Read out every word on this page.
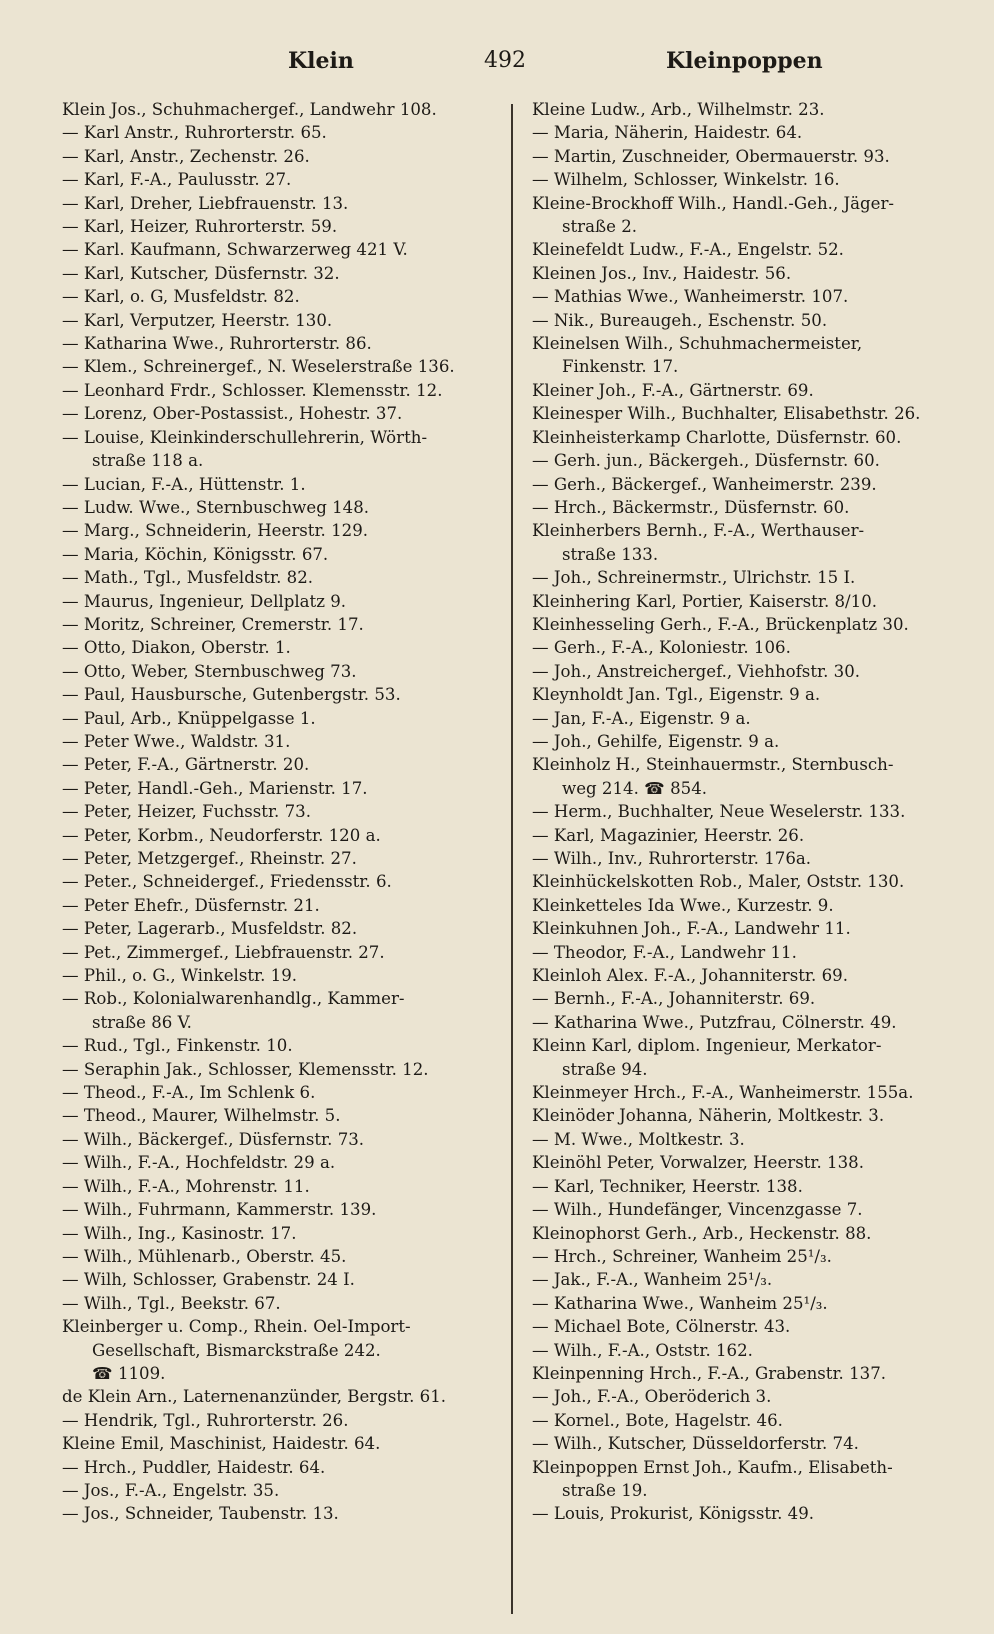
Klein	492	Kleinpoppen
Klein Jos., Schuhmachergef., Landwehr 108.
— Karl Anstr., Ruhrorterstr. 65.
— Karl, Anstr., Zechenstr. 26.
— Karl, F.-A., Paulusstr. 27.
— Karl, Dreher, Liebfrauenstr. 13.
— Karl, Heizer, Ruhrorterstr. 59.
— Karl. Kaufmann, Schwarzerweg 421 V.
— Karl, Kutscher, Düsfernstr. 32.
— Karl, o. G, Musfeldstr. 82.
— Karl, Verputzer, Heerstr. 130.
— Katharina Wwe., Ruhrorterstr. 86.
— Klem., Schreinergef., N. Weselerstraße 136.
— Leonhard Frdr., Schlosser. Klemensstr. 12.
— Lorenz, Ober-Postassist., Hohestr. 37.
— Louise, Kleinkinderschullehrerin, Wörth-
straße 118 a.
— Lucian, F.-A., Hüttenstr. 1.
— Ludw. Wwe., Sternbuschweg 148.
— Marg., Schneiderin, Heerstr. 129.
— Maria, Köchin, Königsstr. 67.
— Math., Tgl., Musfeldstr. 82.
— Maurus, Ingenieur, Dellplatz 9.
— Moritz, Schreiner, Cremerstr. 17.
— Otto, Diakon, Oberstr. 1.
— Otto, Weber, Sternbuschweg 73.
— Paul, Hausbursche, Gutenbergstr. 53.
— Paul, Arb., Knüppelgasse 1.
— Peter Wwe., Waldstr. 31.
— Peter, F.-A., Gärtnerstr. 20.
— Peter, Handl.-Geh., Marienstr. 17.
— Peter, Heizer, Fuchsstr. 73.
— Peter, Korbm., Neudorferstr. 120 a.
— Peter, Metzgergef., Rheinstr. 27.
— Peter., Schneidergef., Friedensstr. 6.
— Peter Ehefr., Düsfernstr. 21.
— Peter, Lagerarb., Musfeldstr. 82.
— Pet., Zimmergef., Liebfrauenstr. 27.
— Phil., o. G., Winkelstr. 19.
— Rob., Kolonialwarenhandlg., Kammer-
straße 86 V.
— Rud., Tgl., Finkenstr. 10.
— Seraphin Jak., Schlosser, Klemensstr. 12.
— Theod., F.-A., Im Schlenk 6.
— Theod., Maurer, Wilhelmstr. 5.
— Wilh., Bäckergef., Düsfernstr. 73.
— Wilh., F.-A., Hochfeldstr. 29 a.
— Wilh., F.-A., Mohrenstr. 11.
— Wilh., Fuhrmann, Kammerstr. 139.
— Wilh., Ing., Kasinostr. 17.
— Wilh., Mühlenarb., Oberstr. 45.
— Wilh, Schlosser, Grabenstr. 24 I.
— Wilh., Tgl., Beekstr. 67.
Kleinberger u. Comp., Rhein. Oel-Import-
Gesellschaft, Bismarckstraße 242.
☎ 1109.
de Klein Arn., Laternenanzünder, Bergstr. 61.
— Hendrik, Tgl., Ruhrorterstr. 26.
Kleine Emil, Maschinist, Haidestr. 64.
— Hrch., Puddler, Haidestr. 64.
— Jos., F.-A., Engelstr. 35.
— Jos., Schneider, Taubenstr. 13.
Kleine Ludw., Arb., Wilhelmstr. 23.
— Maria, Näherin, Haidestr. 64.
— Martin, Zuschneider, Obermauerstr. 93.
— Wilhelm, Schlosser, Winkelstr. 16.
Kleine-Brockhoff Wilh., Handl.-Geh., Jäger-
straße 2.
Kleinefeldt Ludw., F.-A., Engelstr. 52.
Kleinen Jos., Inv., Haidestr. 56.
— Mathias Wwe., Wanheimerstr. 107.
— Nik., Bureaugeh., Eschenstr. 50.
Kleinelsen Wilh., Schuhmachermeister,
Finkenstr. 17.
Kleiner Joh., F.-A., Gärtnerstr. 69.
Kleinesper Wilh., Buchhalter, Elisabethstr. 26.
Kleinheisterkamp Charlotte, Düsfernstr. 60.
— Gerh. jun., Bäckergeh., Düsfernstr. 60.
— Gerh., Bäckergef., Wanheimerstr. 239.
— Hrch., Bäckermstr., Düsfernstr. 60.
Kleinherbers Bernh., F.-A., Werthauser-
straße 133.
— Joh., Schreinermstr., Ulrichstr. 15 I.
Kleinhering Karl, Portier, Kaiserstr. 8/10.
Kleinhesseling Gerh., F.-A., Brückenplatz 30.
— Gerh., F.-A., Koloniestr. 106.
— Joh., Anstreichergef., Viehhofstr. 30.
Kleynholdt Jan. Tgl., Eigenstr. 9 a.
— Jan, F.-A., Eigenstr. 9 a.
— Joh., Gehilfe, Eigenstr. 9 a.
Kleinholz H., Steinhauermstr., Sternbusch-
weg 214. ☎ 854.
— Herm., Buchhalter, Neue Weselerstr. 133.
— Karl, Magazinier, Heerstr. 26.
— Wilh., Inv., Ruhrorterstr. 176a.
Kleinhückelskotten Rob., Maler, Oststr. 130.
Kleinketteles Ida Wwe., Kurzestr. 9.
Kleinkuhnen Joh., F.-A., Landwehr 11.
— Theodor, F.-A., Landwehr 11.
Kleinloh Alex. F.-A., Johanniterstr. 69.
— Bernh., F.-A., Johanniterstr. 69.
— Katharina Wwe., Putzfrau, Cölnerstr. 49.
Kleinn Karl, diplom. Ingenieur, Merkator-
straße 94.
Kleinmeyer Hrch., F.-A., Wanheimerstr. 155a.
Kleinöder Johanna, Näherin, Moltkestr. 3.
— M. Wwe., Moltkestr. 3.
Kleinöhl Peter, Vorwalzer, Heerstr. 138.
— Karl, Techniker, Heerstr. 138.
— Wilh., Hundefänger, Vincenzgasse 7.
Kleinophorst Gerh., Arb., Heckenstr. 88.
— Hrch., Schreiner, Wanheim 25¹/₃.
— Jak., F.-A., Wanheim 25¹/₃.
— Katharina Wwe., Wanheim 25¹/₃.
— Michael Bote, Cölnerstr. 43.
— Wilh., F.-A., Oststr. 162.
Kleinpenning Hrch., F.-A., Grabenstr. 137.
— Joh., F.-A., Oberöderich 3.
— Kornel., Bote, Hagelstr. 46.
— Wilh., Kutscher, Düsseldorferstr. 74.
Kleinpoppen Ernst Joh., Kaufm., Elisabeth-
straße 19.
— Louis, Prokurist, Königsstr. 49.
